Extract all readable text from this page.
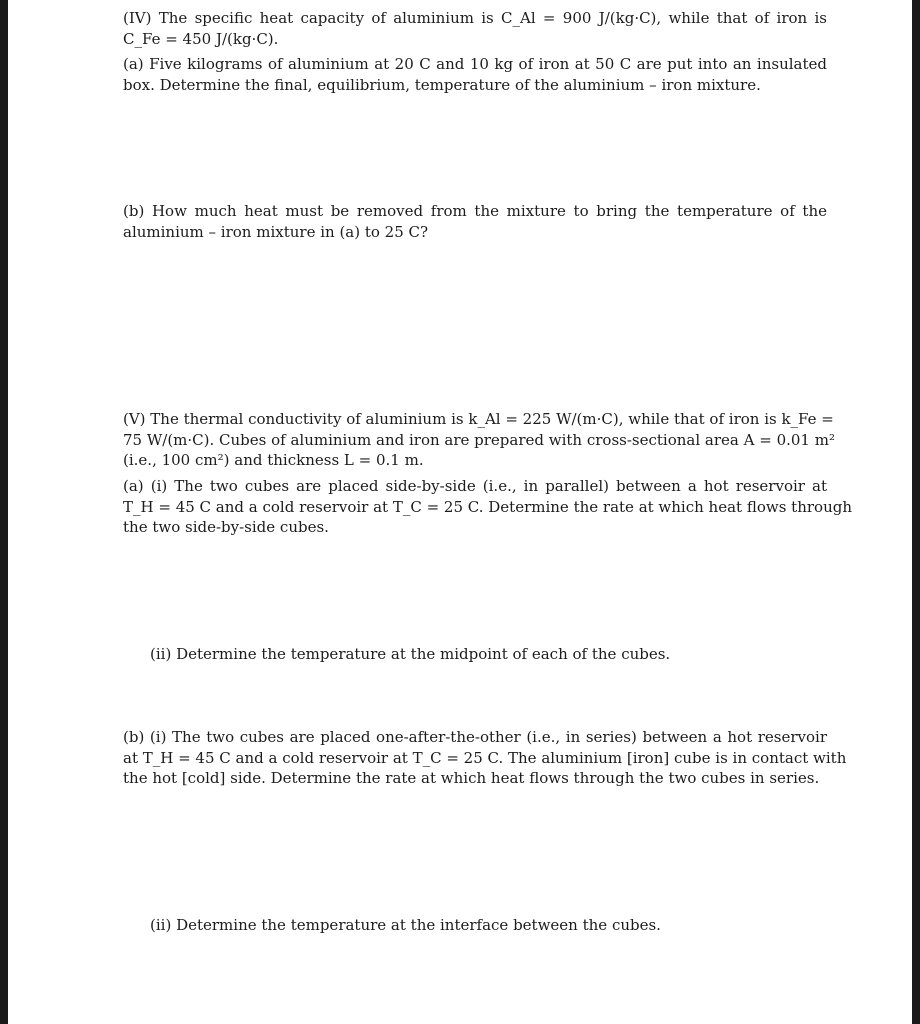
(IV) The specific heat capacity of aluminium is C_Al = 900 J/(kg·C), while that of iron is
C_Fe = 450 J/(kg·C).
(a) Five kilograms of aluminium at 20 C and 10 kg of iron at 50 C are put into an insulated
box. Determine the final, equilibrium, temperature of the aluminium – iron mixture.
(b) How much heat must be removed from the mixture to bring the temperature of the
aluminium – iron mixture in (a) to 25 C?
(V) The thermal conductivity of aluminium is k_Al = 225 W/(m·C), while that of iron is k_Fe =
75 W/(m·C). Cubes of aluminium and iron are prepared with cross-sectional area A = 0.01 m²
(i.e., 100 cm²) and thickness L = 0.1 m.
(a) (i) The two cubes are placed side-by-side (i.e., in parallel) between a hot reservoir at
T_H = 45 C and a cold reservoir at T_C = 25 C. Determine the rate at which heat flows through
the two side-by-side cubes.
(ii) Determine the temperature at the midpoint of each of the cubes.
(b) (i) The two cubes are placed one-after-the-other (i.e., in series) between a hot reservoir
at T_H = 45 C and a cold reservoir at T_C = 25 C. The aluminium [iron] cube is in contact with
the hot [cold] side. Determine the rate at which heat flows through the two cubes in series.
(ii) Determine the temperature at the interface between the cubes.
